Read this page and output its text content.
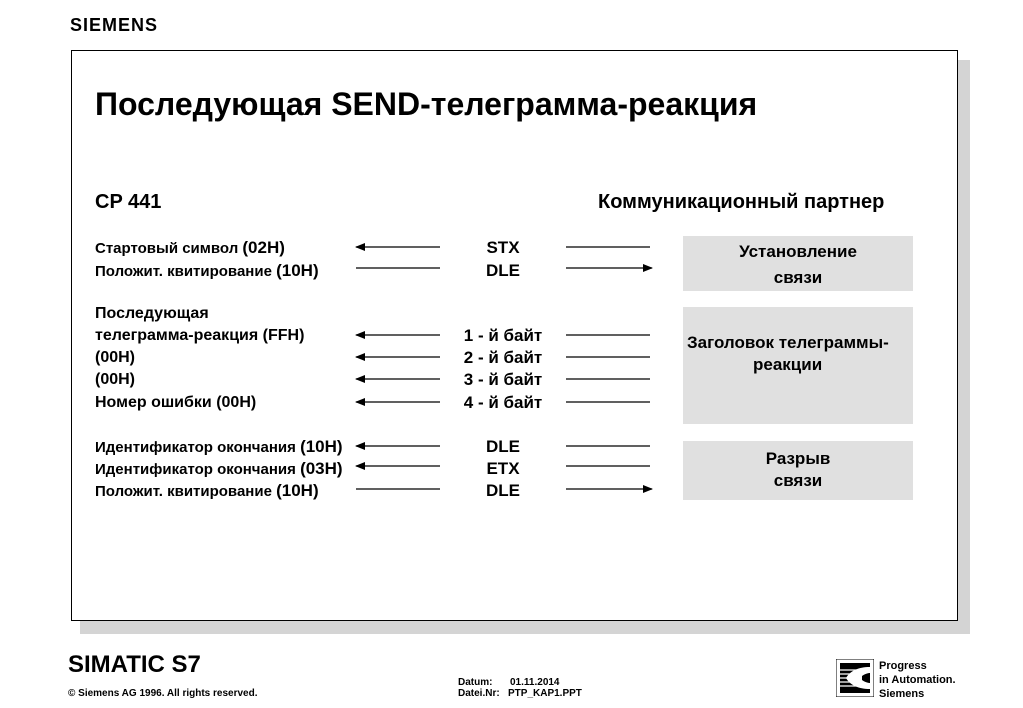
SIEMENS
Последующая SEND-телеграмма-реакция
CP 441	Коммуникационный партнер
Стартовый символ (02H)
Положит. квитирование (10H)
Последующая
телеграмма-реакция (FFH)
(00H)
(00H)
Номер ошибки (00H)
Идентификатор окончания (10H)
Идентификатор окончания (03H)
Положит. квитирование (10H)
STX
DLE
1 - й байт
2 - й байт
3 - й байт
4 - й байт
DLE
ETX
DLE
Установление
связи
Заголовок телеграммы-
реакции
Разрыв
связи
SIMATIC S7
© Siemens AG 1996. All rights reserved.
Datum: 01.11.2014
Datei.Nr: PTP_KAP1.PPT
Progress
in Automation.
Siemens
